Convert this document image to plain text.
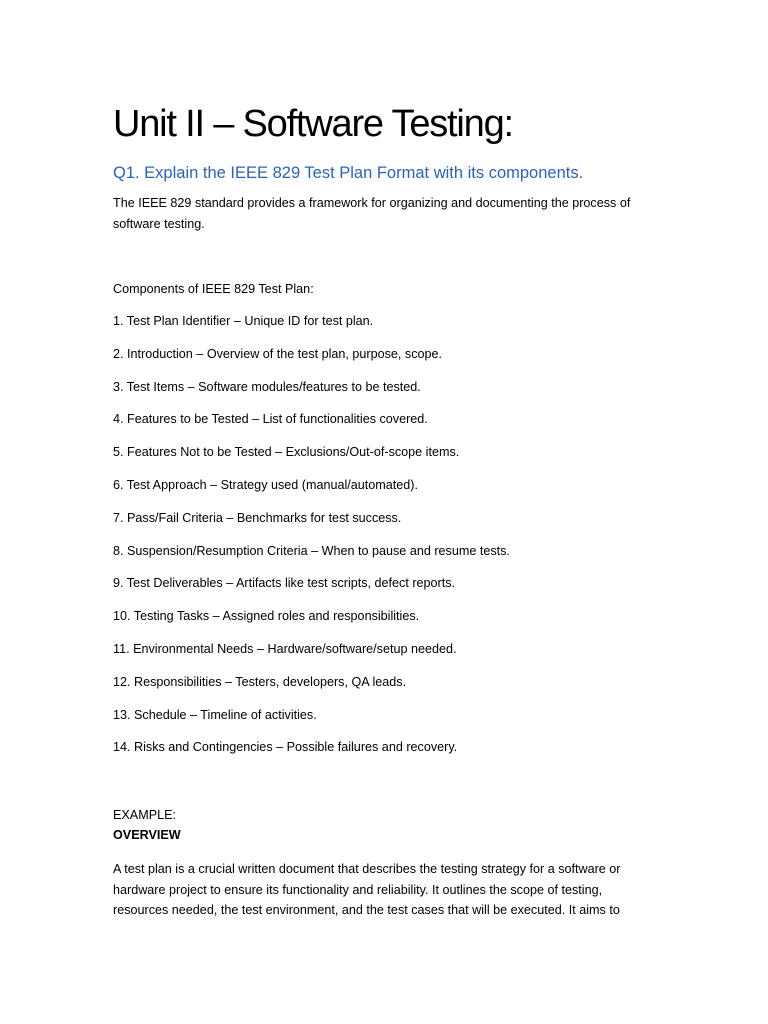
Unit II – Software Testing:
Q1. Explain the IEEE 829 Test Plan Format with its components.

The IEEE 829 standard provides a framework for organizing and documenting the process of software testing.

Components of IEEE 829 Test Plan:

1. Test Plan Identifier – Unique ID for test plan.
2. Introduction – Overview of the test plan, purpose, scope.
3. Test Items – Software modules/features to be tested.
4. Features to be Tested – List of functionalities covered.
5. Features Not to be Tested – Exclusions/Out-of-scope items.
6. Test Approach – Strategy used (manual/automated).
7. Pass/Fail Criteria – Benchmarks for test success.
8. Suspension/Resumption Criteria – When to pause and resume tests.
9. Test Deliverables – Artifacts like test scripts, defect reports.
10. Testing Tasks – Assigned roles and responsibilities.
11. Environmental Needs – Hardware/software/setup needed.
12. Responsibilities – Testers, developers, QA leads.
13. Schedule – Timeline of activities.
14. Risks and Contingencies – Possible failures and recovery.

EXAMPLE:

OVERVIEW

A test plan is a crucial written document that describes the testing strategy for a software or hardware project to ensure its functionality and reliability. It outlines the scope of testing, resources needed, the test environment, and the test cases that will be executed. It aims to
